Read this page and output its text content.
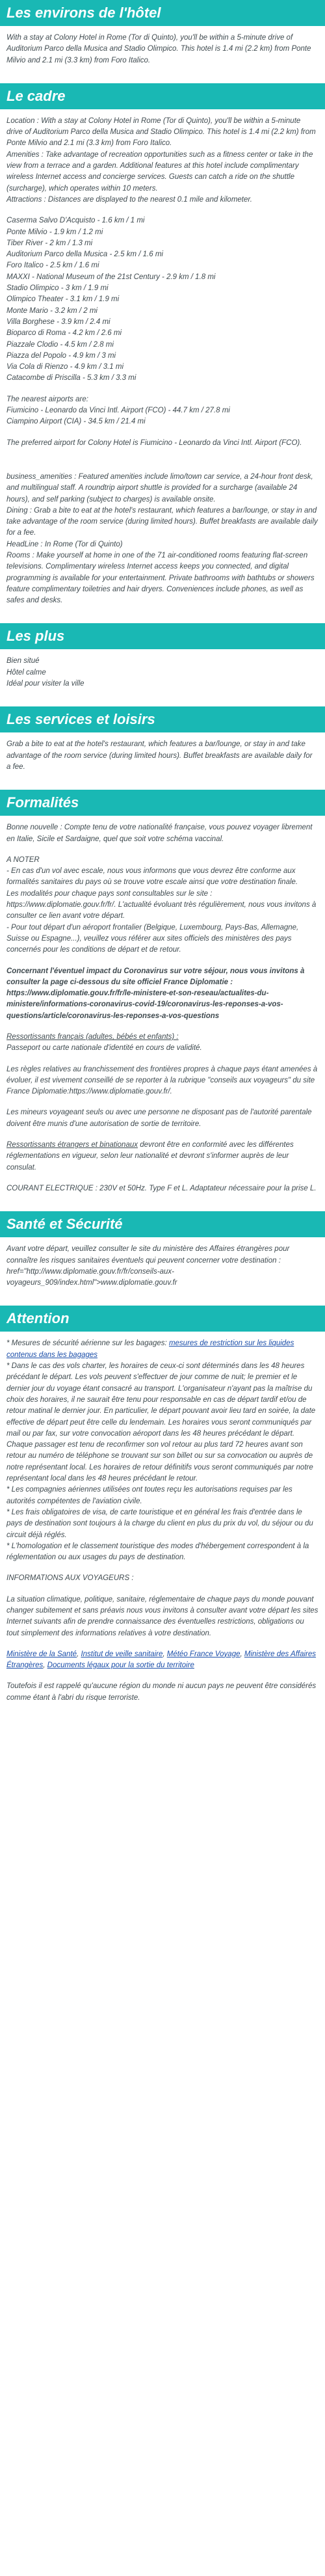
Les environs de l'hôtel

With a stay at Colony Hotel in Rome (Tor di Quinto), you'll be within a 5-minute drive of Auditorium Parco della Musica and Stadio Olimpico. This hotel is 1.4 mi (2.2 km) from Ponte Milvio and 2.1 mi (3.3 km) from Foro Italico.

Le cadre

Location : With a stay at Colony Hotel in Rome (Tor di Quinto), you'll be within a 5-minute drive of Auditorium Parco della Musica and Stadio Olimpico. This hotel is 1.4 mi (2.2 km) from Ponte Milvio and 2.1 mi (3.3 km) from Foro Italico.

Amenities : Take advantage of recreation opportunities such as a fitness center or take in the view from a terrace and a garden. Additional features at this hotel include complimentary wireless Internet access and concierge services. Guests can catch a ride on the shuttle (surcharge), which operates within 10 meters.

Attractions : Distances are displayed to the nearest 0.1 mile and kilometer.

Caserma Salvo D'Acquisto - 1.6 km / 1 mi
Ponte Milvio - 1.9 km / 1.2 mi
Tiber River - 2 km / 1.3 mi
Auditorium Parco della Musica - 2.5 km / 1.6 mi
Foro Italico - 2.5 km / 1.6 mi
MAXXI - National Museum of the 21st Century - 2.9 km / 1.8 mi
Stadio Olimpico - 3 km / 1.9 mi
Olimpico Theater - 3.1 km / 1.9 mi
Monte Mario - 3.2 km / 2 mi
Villa Borghese - 3.9 km / 2.4 mi
Bioparco di Roma - 4.2 km / 2.6 mi
Piazzale Clodio - 4.5 km / 2.8 mi
Piazza del Popolo - 4.9 km / 3 mi
Via Cola di Rienzo - 4.9 km / 3.1 mi
Catacombe di Priscilla - 5.3 km / 3.3 mi
The nearest airports are:
Fiumicino - Leonardo da Vinci Intl. Airport (FCO) - 44.7 km / 27.8 mi
Ciampino Airport (CIA) - 34.5 km / 21.4 mi

The preferred airport for Colony Hotel is Fiumicino - Leonardo da Vinci Intl. Airport (FCO).

business_amenities : Featured amenities include limo/town car service, a 24-hour front desk, and multilingual staff. A roundtrip airport shuttle is provided for a surcharge (available 24 hours), and self parking (subject to charges) is available onsite.

Dining : Grab a bite to eat at the hotel's restaurant, which features a bar/lounge, or stay in and take advantage of the room service (during limited hours). Buffet breakfasts are available daily for a fee.

HeadLine : In Rome (Tor di Quinto)

Rooms : Make yourself at home in one of the 71 air-conditioned rooms featuring flat-screen televisions. Complimentary wireless Internet access keeps you connected, and digital programming is available for your entertainment. Private bathrooms with bathtubs or showers feature complimentary toiletries and hair dryers. Conveniences include phones, as well as safes and desks.

Les plus
Bien situé
Hôtel calme
Idéal pour visiter la ville
Les services et loisirs

Grab a bite to eat at the hotel's restaurant, which features a bar/lounge, or stay in and take advantage of the room service (during limited hours). Buffet breakfasts are available daily for a fee.

Formalités

Bonne nouvelle : Compte tenu de votre nationalité française, vous pouvez voyager librement en Italie, Sicile et Sardaigne, quel que soit votre schéma vaccinal.

A NOTER

- En cas d'un vol avec escale, nous vous informons que vous devrez être conforme aux formalités sanitaires du pays où se trouve votre escale ainsi que votre destination finale.

Les modalités pour chaque pays sont consultables sur le site : https://www.diplomatie.gouv.fr/fr/. L'actualité évoluant très régulièrement, nous vous invitons à consulter ce lien avant votre départ.

- Pour tout départ d'un aéroport frontalier (Belgique, Luxembourg, Pays-Bas, Allemagne, Suisse ou Espagne...), veuillez vous référer aux sites officiels des ministères des pays concernés pour les conditions de départ et de retour.

Concernant l'éventuel impact du Coronavirus sur votre séjour, nous vous invitons à consulter la page ci-dessous du site officiel France Diplomatie : https://www.diplomatie.gouv.fr/fr/le-ministere-et-son-reseau/actualites-du-ministere/informations-coronavirus-covid-19/coronavirus-les-reponses-a-vos-questions/article/coronavirus-les-reponses-a-vos-questions

Ressortissants français (adultes, bébés et enfants) :

Passeport ou carte nationale d'identité en cours de validité.

Les règles relatives au franchissement des frontières propres à chaque pays étant amenées à évoluer, il est vivement conseillé de se reporter à la rubrique "conseils aux voyageurs" du site France Diplomatie:https://www.diplomatie.gouv.fr/.

Les mineurs voyageant seuls ou avec une personne ne disposant pas de l'autorité parentale doivent être munis d'une autorisation de sortie de territoire.

Ressortissants étrangers et binationaux devront être en conformité avec les différentes réglementations en vigueur, selon leur nationalité et devront s'informer auprès de leur consulat.

COURANT ELECTRIQUE : 230V et 50Hz. Type F et L. Adaptateur nécessaire pour la prise L.

Santé et Sécurité

Avant votre départ, veuillez consulter le site du ministère des Affaires étrangères pour connaître les risques sanitaires éventuels qui peuvent concerner votre destination : href="http://www.diplomatie.gouv.fr/fr/conseils-aux-voyageurs_909/index.html">www.diplomatie.gouv.fr

Attention

* Mesures de sécurité aérienne sur les bagages: mesures de restriction sur les liquides contenus dans les bagages

* Dans le cas des vols charter, les horaires de ceux-ci sont déterminés dans les 48 heures précédant le départ. Les vols peuvent s'effectuer de jour comme de nuit; le premier et le dernier jour du voyage étant consacré au transport. L'organisateur n'ayant pas la maîtrise du choix des horaires, il ne saurait être tenu pour responsable en cas de départ tardif et/ou de retour matinal le dernier jour. En particulier, le départ pouvant avoir lieu tard en soirée, la date effective de départ peut être celle du lendemain. Les horaires vous seront communiqués par mail ou par fax, sur votre convocation aéroport dans les 48 heures précédant le départ. Chaque passager est tenu de reconfirmer son vol retour au plus tard 72 heures avant son retour au numéro de téléphone se trouvant sur son billet ou sur sa convocation ou auprès de notre représentant local. Les horaires de retour définitifs vous seront communiqués par notre représentant local dans les 48 heures précédant le retour.

* Les compagnies aériennes utilisées ont toutes reçu les autorisations requises par les autorités compétentes de l'aviation civile.

* Les frais obligatoires de visa, de carte touristique et en général les frais d'entrée dans le pays de destination sont toujours à la charge du client en plus du prix du vol, du séjour ou du circuit déjà réglés.

* L'homologation et le classement touristique des modes d'hébergement correspondent à la réglementation ou aux usages du pays de destination.

INFORMATIONS AUX VOYAGEURS :

La situation climatique, politique, sanitaire, réglementaire de chaque pays du monde pouvant changer subitement et sans préavis nous vous invitons à consulter avant votre départ les sites Internet suivants afin de prendre connaissance des éventuelles restrictions, obligations ou tout simplement des informations relatives à votre destination.

Ministère de la Santé, Institut de veille sanitaire, Météo France Voyage, Ministère des Affaires Étrangères, Documents légaux pour la sortie du territoire

Toutefois il est rappelé qu'aucune région du monde ni aucun pays ne peuvent être considérés comme étant à l'abri du risque terroriste.
